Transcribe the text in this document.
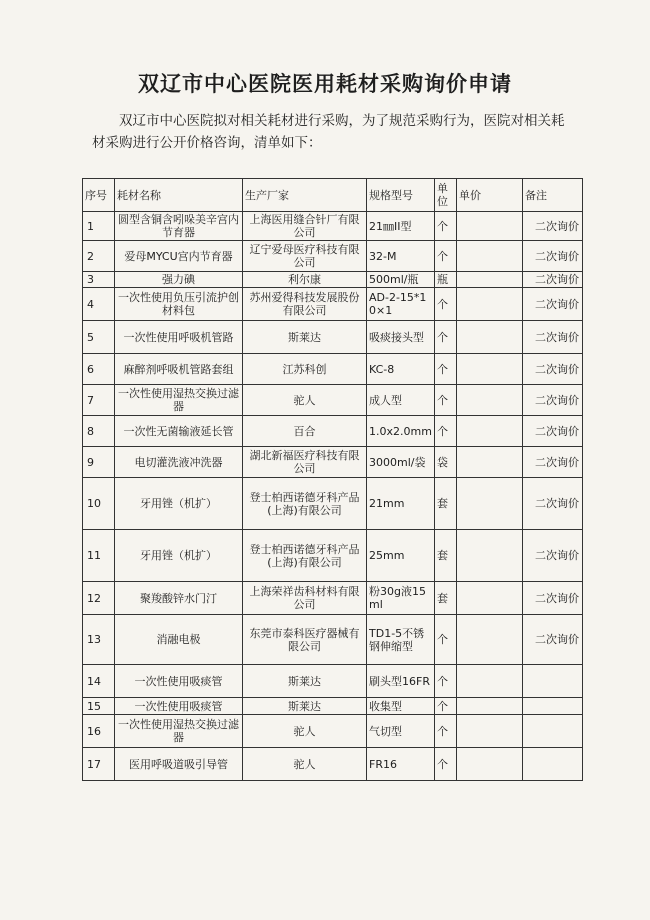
双辽市中心医院医用耗材采购询价申请
双辽市中心医院拟对相关耗材进行采购，为了规范采购行为，医院对相关耗材采购进行公开价格咨询，清单如下：
序号	耗材名称	生产厂家	规格型号	单位	单价	备注
1	圆型含铜含吲哚美辛宫内节育器	上海医用缝合针厂有限公司	21㎜II型	个		二次询价
2	爱母MYCU宫内节育器	辽宁爱母医疗科技有限公司	32-M	个		二次询价
3	强力碘	利尔康	500ml/瓶	瓶		二次询价
4	一次性使用负压引流护创材料包	苏州爱得科技发展股份有限公司	AD-2-15*10×1	个		二次询价
5	一次性使用呼吸机管路	斯莱达	吸痰接头型	个		二次询价
6	麻醉剂呼吸机管路套组	江苏科创	KC-8	个		二次询价
7	一次性使用湿热交换过滤器	驼人	成人型	个		二次询价
8	一次性无菌输液延长管	百合	1.0x2.0mm	个		二次询价
9	电切灌洗液冲洗器	湖北新福医疗科技有限公司	3000ml/袋	袋		二次询价
10	牙用锉（机扩）	登士柏西诺德牙科产品(上海)有限公司	21mm	套		二次询价
11	牙用锉（机扩）	登士柏西诺德牙科产品(上海)有限公司	25mm	套		二次询价
12	聚羧酸锌水门汀	上海荣祥齿科材料有限公司	粉30g液15ml	套		二次询价
13	消融电极	东莞市泰科医疗器械有限公司	TD1-5不锈钢伸缩型	个		二次询价
14	一次性使用吸痰管	斯莱达	刷头型16FR	个		
15	一次性使用吸痰管	斯莱达	收集型	个		
16	一次性使用湿热交换过滤器	驼人	气切型	个		
17	医用呼吸道吸引导管	驼人	FR16	个		
